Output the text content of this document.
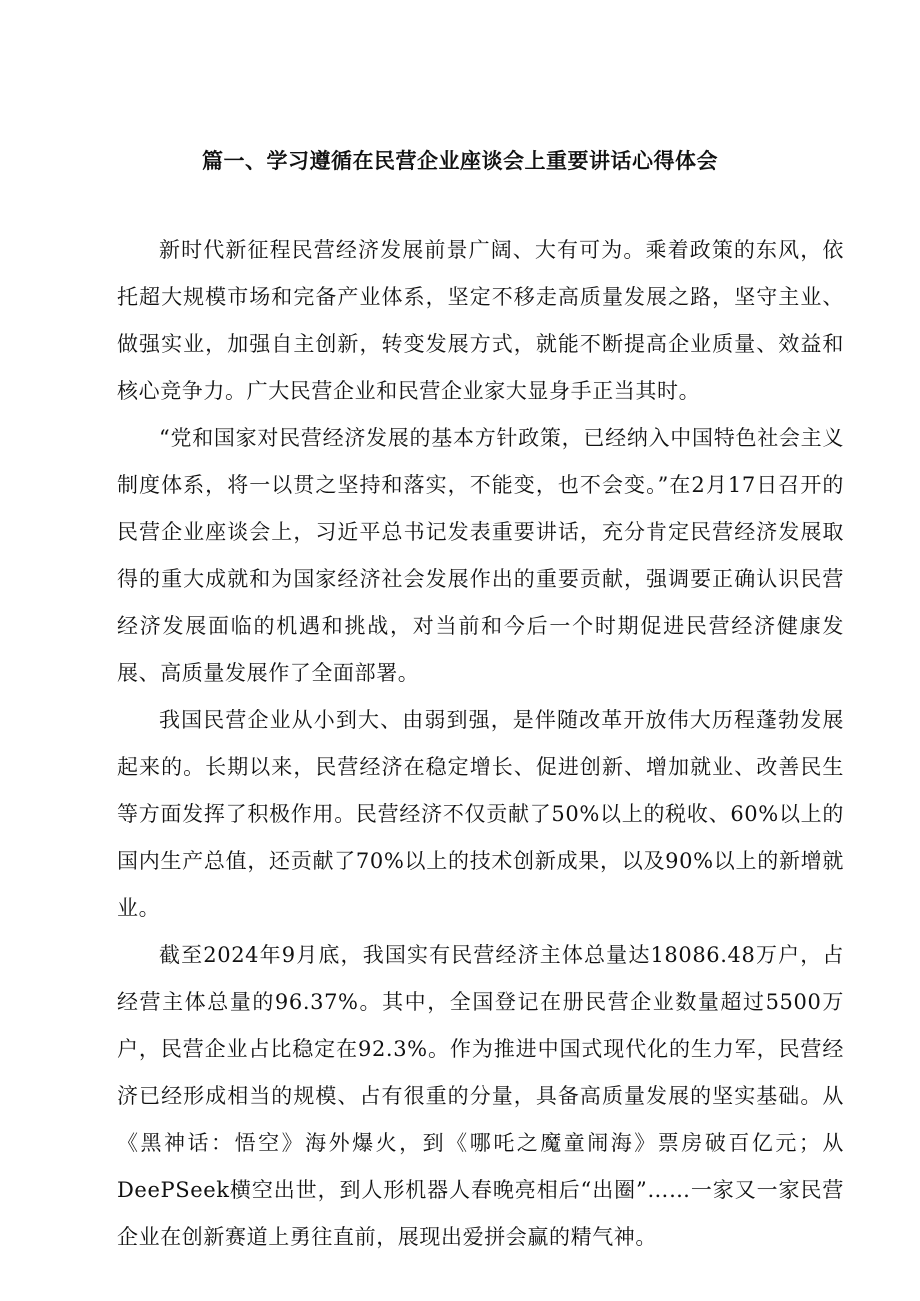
篇一、学习遵循在民营企业座谈会上重要讲话心得体会

新时代新征程民营经济发展前景广阔、大有可为。乘着政策的东风，依托超大规模市场和完备产业体系，坚定不移走高质量发展之路，坚守主业、做强实业，加强自主创新，转变发展方式，就能不断提高企业质量、效益和核心竞争力。广大民营企业和民营企业家大显身手正当其时。

“党和国家对民营经济发展的基本方针政策，已经纳入中国特色社会主义制度体系，将一以贯之坚持和落实，不能变，也不会变。”在2月17日召开的民营企业座谈会上，习近平总书记发表重要讲话，充分肯定民营经济发展取得的重大成就和为国家经济社会发展作出的重要贡献，强调要正确认识民营经济发展面临的机遇和挑战，对当前和今后一个时期促进民营经济健康发展、高质量发展作了全面部署。

我国民营企业从小到大、由弱到强，是伴随改革开放伟大历程蓬勃发展起来的。长期以来，民营经济在稳定增长、促进创新、增加就业、改善民生等方面发挥了积极作用。民营经济不仅贡献了50%以上的税收、60%以上的国内生产总值，还贡献了70%以上的技术创新成果，以及90%以上的新增就业。

截至2024年9月底，我国实有民营经济主体总量达18086.48万户，占经营主体总量的96.37%。其中，全国登记在册民营企业数量超过5500万户，民营企业占比稳定在92.3%。作为推进中国式现代化的生力军，民营经济已经形成相当的规模、占有很重的分量，具备高质量发展的坚实基础。从《黑神话：悟空》海外爆火，到《哪吒之魔童闹海》票房破百亿元；从DeePSeek横空出世，到人形机器人春晚亮相后“出圈”……一家又一家民营企业在创新赛道上勇往直前，展现出爱拼会赢的精气神。
